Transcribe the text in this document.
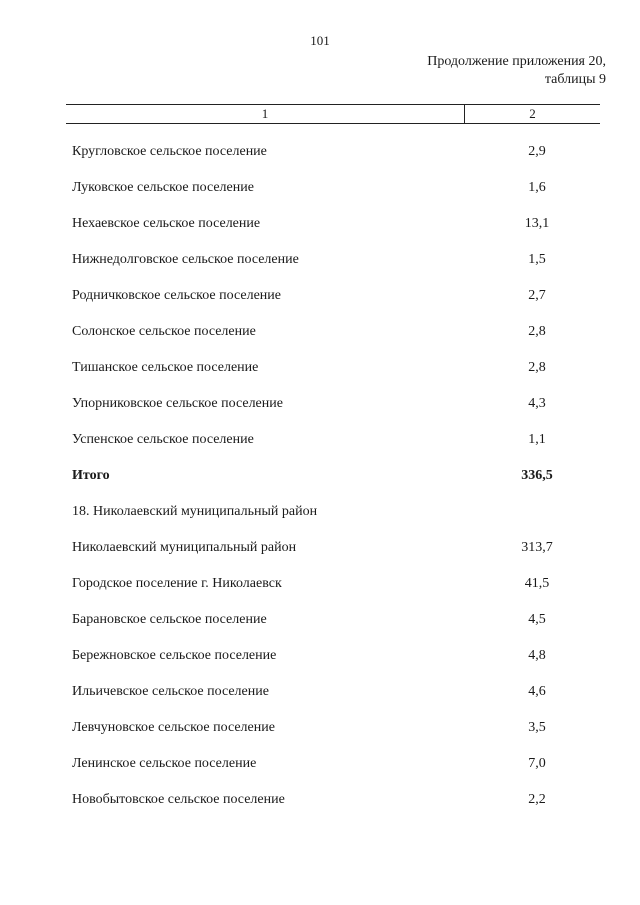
101
Продолжение приложения 20,
таблицы 9
1	2
Кругловское сельское поселение	2,9
Луковское сельское поселение	1,6
Нехаевское сельское поселение	13,1
Нижнедолговское сельское поселение	1,5
Родничковское сельское поселение	2,7
Солонское сельское поселение	2,8
Тишанское сельское поселение	2,8
Упорниковское сельское поселение	4,3
Успенское сельское поселение	1,1
Итого	336,5
18. Николаевский муниципальный район
Николаевский муниципальный район	313,7
Городское поселение г. Николаевск	41,5
Барановское сельское поселение	4,5
Бережновское сельское поселение	4,8
Ильичевское сельское поселение	4,6
Левчуновское сельское поселение	3,5
Ленинское сельское поселение	7,0
Новобытовское сельское поселение	2,2
